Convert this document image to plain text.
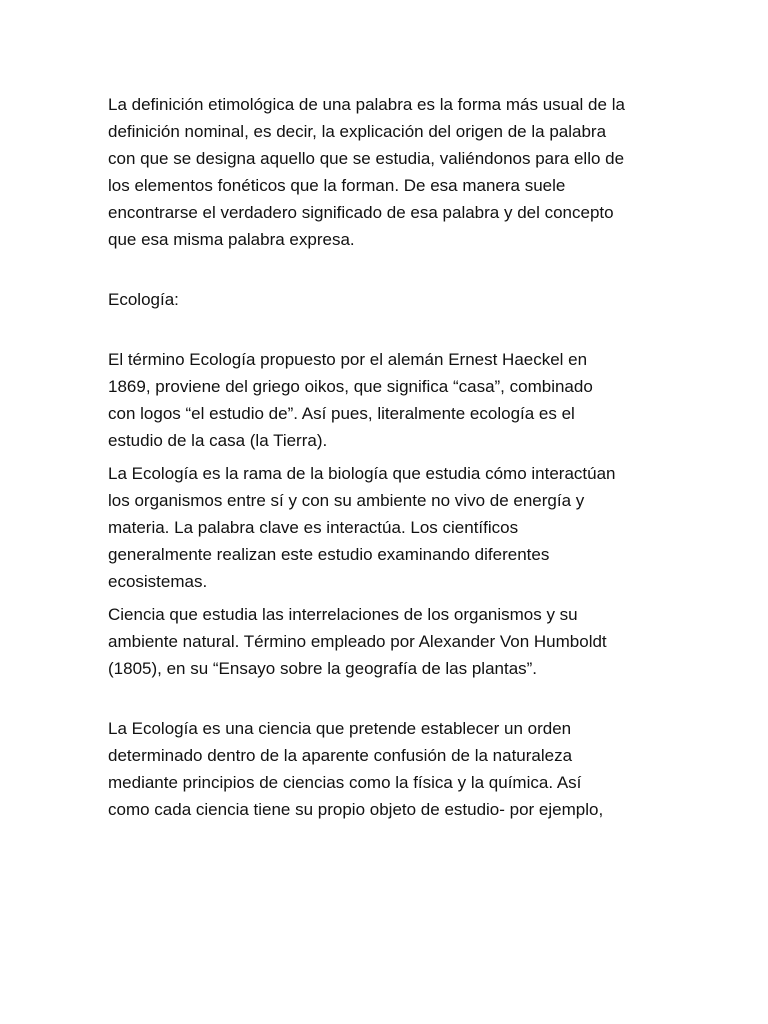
La definición etimológica de una palabra es la forma más usual de la
definición nominal, es decir, la explicación del origen de la palabra
con que se designa aquello que se estudia, valiéndonos para ello de
los elementos fonéticos que la forman. De esa manera suele
encontrarse el verdadero significado de esa palabra y del concepto
que esa misma palabra expresa.
Ecología:
El término Ecología propuesto por el alemán Ernest Haeckel en
1869, proviene del griego oikos, que significa “casa”, combinado
con logos “el estudio de”. Así pues, literalmente ecología es el
estudio de la casa (la Tierra).
La Ecología es la rama de la biología que estudia cómo interactúan
los organismos entre sí y con su ambiente no vivo de energía y
materia. La palabra clave es interactúa. Los científicos
generalmente realizan este estudio examinando diferentes
ecosistemas.
Ciencia que estudia las interrelaciones de los organismos y su
ambiente natural. Término empleado por Alexander Von Humboldt
(1805), en su “Ensayo sobre la geografía de las plantas”.
La Ecología es una ciencia que pretende establecer un orden
determinado dentro de la aparente confusión de la naturaleza
mediante principios de ciencias como la física y la química. Así
como cada ciencia tiene su propio objeto de estudio- por ejemplo,
